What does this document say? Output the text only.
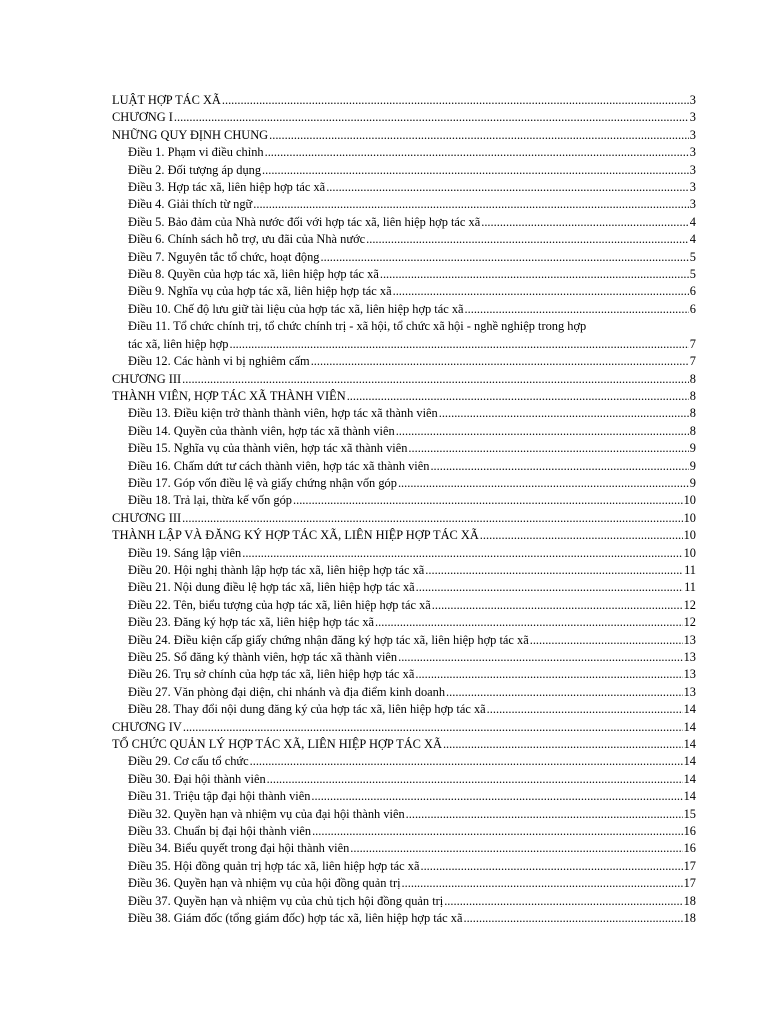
LUẬT HỢP TÁC XÃ .....	3
CHƯƠNG I .....	3
NHỮNG QUY ĐỊNH CHUNG .....	3
Điều 1. Phạm vi điều chỉnh .....	3
Điều 2. Đối tượng áp dụng .....	3
Điều 3. Hợp tác xã, liên hiệp hợp tác xã .....	3
Điều 4. Giải thích từ ngữ .....	3
Điều 5. Bảo đảm của Nhà nước đối với hợp tác xã, liên hiệp hợp tác xã .....	4
Điều 6. Chính sách hỗ trợ, ưu đãi của Nhà nước .....	4
Điều 7. Nguyên tắc tổ chức, hoạt động .....	5
Điều 8. Quyền của hợp tác xã, liên hiệp hợp tác xã .....	5
Điều 9. Nghĩa vụ của hợp tác xã, liên hiệp hợp tác xã .....	6
Điều 10. Chế độ lưu giữ tài liệu của hợp tác xã, liên hiệp hợp tác xã .....	6
Điều 11. Tổ chức chính trị, tổ chức chính trị - xã hội, tổ chức xã hội - nghề nghiệp trong hợp
tác xã, liên hiệp hợp .....	7
Điều 12. Các hành vi bị nghiêm cấm .....	7
CHƯƠNG III .....	8
THÀNH VIÊN, HỢP TÁC XÃ THÀNH VIÊN .....	8
Điều 13. Điều kiện trở thành thành viên, hợp tác xã thành viên .....	8
Điều 14. Quyền của thành viên, hợp tác xã thành viên .....	8
Điều 15. Nghĩa vụ của thành viên, hợp tác xã thành viên .....	9
Điều 16. Chấm dứt tư cách thành viên, hợp tác xã thành viên .....	9
Điều 17. Góp vốn điều lệ và giấy chứng nhận vốn góp .....	9
Điều 18. Trả lại, thừa kế vốn góp .....	10
CHƯƠNG III .....	10
THÀNH LẬP VÀ ĐĂNG KÝ HỢP TÁC XÃ, LIÊN HIỆP HỢP TÁC XÃ .....	10
Điều 19. Sáng lập viên .....	10
Điều 20. Hội nghị thành lập hợp tác xã, liên hiệp hợp tác xã .....	11
Điều 21. Nội dung điều lệ hợp tác xã, liên hiệp hợp tác xã .....	11
Điều 22. Tên, biểu tượng của hợp tác xã, liên hiệp hợp tác xã .....	12
Điều 23. Đăng ký hợp tác xã, liên hiệp hợp tác xã .....	12
Điều 24. Điều kiện cấp giấy chứng nhận đăng ký hợp tác xã, liên hiệp hợp tác xã .....	13
Điều 25. Sổ đăng ký thành viên, hợp tác xã thành viên .....	13
Điều 26. Trụ sở chính của hợp tác xã, liên hiệp hợp tác xã .....	13
Điều 27. Văn phòng đại diện, chi nhánh và địa điểm kinh doanh .....	13
Điều 28. Thay đổi nội dung đăng ký của hợp tác xã, liên hiệp hợp tác xã .....	14
CHƯƠNG IV .....	14
TỔ CHỨC QUẢN LÝ HỢP TÁC XÃ, LIÊN HIỆP HỢP TÁC XÃ .....	14
Điều 29. Cơ cấu tổ chức .....	14
Điều 30. Đại hội thành viên .....	14
Điều 31. Triệu tập đại hội thành viên .....	14
Điều 32. Quyền hạn và nhiệm vụ của đại hội thành viên .....	15
Điều 33. Chuẩn bị đại hội thành viên .....	16
Điều 34. Biểu quyết trong đại hội thành viên .....	16
Điều 35. Hội đồng quản trị hợp tác xã, liên hiệp hợp tác xã .....	17
Điều 36. Quyền hạn và nhiệm vụ của hội đồng quản trị .....	17
Điều 37. Quyền hạn và nhiệm vụ của chủ tịch hội đồng quản trị .....	18
Điều 38. Giám đốc (tổng giám đốc) hợp tác xã, liên hiệp hợp tác xã .....	18
